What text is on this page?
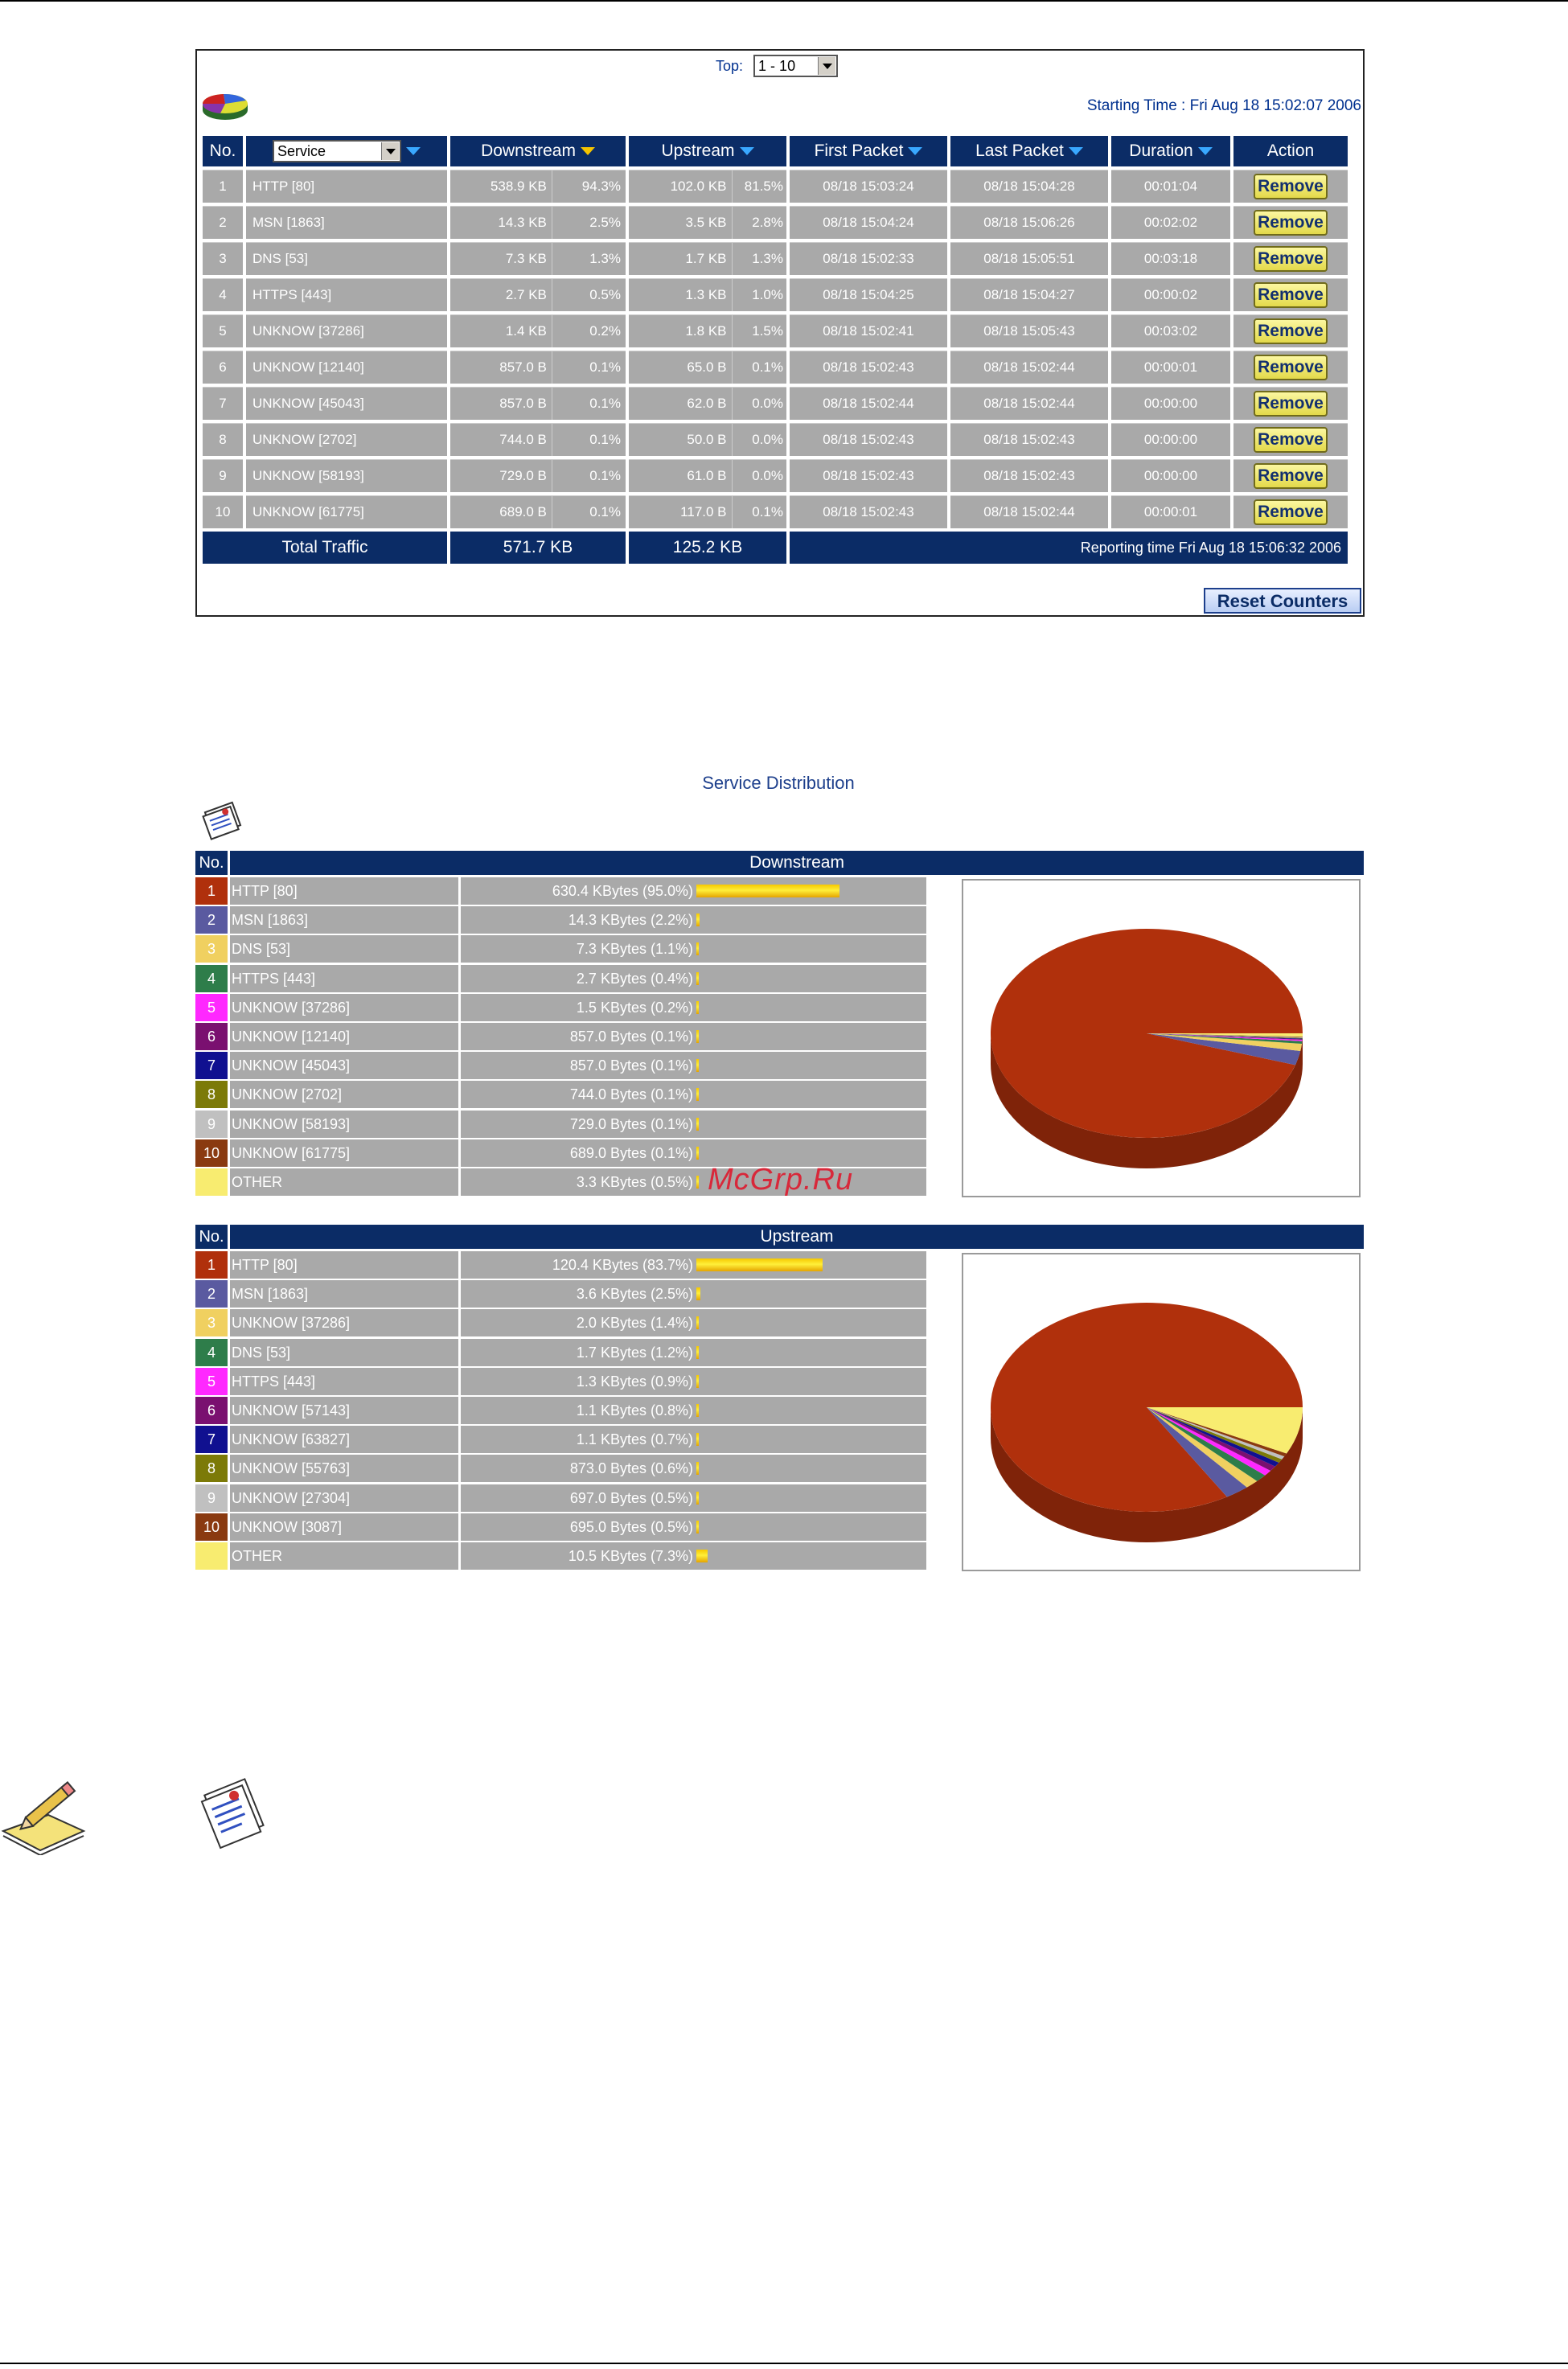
Top: 1 - 10
Starting Time : Fri Aug 18 15:02:07 2006
No.	Service	Downstream	Upstream	First Packet	Last Packet	Duration	Action
1	HTTP [80]	538.9 KB 94.3%	102.0 KB 81.5%	08/18 15:03:24	08/18 15:04:28	00:01:04	Remove
2	MSN [1863]	14.3 KB 2.5%	3.5 KB 2.8%	08/18 15:04:24	08/18 15:06:26	00:02:02	Remove
3	DNS [53]	7.3 KB 1.3%	1.7 KB 1.3%	08/18 15:02:33	08/18 15:05:51	00:03:18	Remove
4	HTTPS [443]	2.7 KB 0.5%	1.3 KB 1.0%	08/18 15:04:25	08/18 15:04:27	00:00:02	Remove
5	UNKNOW [37286]	1.4 KB 0.2%	1.8 KB 1.5%	08/18 15:02:41	08/18 15:05:43	00:03:02	Remove
6	UNKNOW [12140]	857.0 B 0.1%	65.0 B 0.1%	08/18 15:02:43	08/18 15:02:44	00:00:01	Remove
7	UNKNOW [45043]	857.0 B 0.1%	62.0 B 0.0%	08/18 15:02:44	08/18 15:02:44	00:00:00	Remove
8	UNKNOW [2702]	744.0 B 0.1%	50.0 B 0.0%	08/18 15:02:43	08/18 15:02:43	00:00:00	Remove
9	UNKNOW [58193]	729.0 B 0.1%	61.0 B 0.0%	08/18 15:02:43	08/18 15:02:43	00:00:00	Remove
10	UNKNOW [61775]	689.0 B 0.1%	117.0 B 0.1%	08/18 15:02:43	08/18 15:02:44	00:00:01	Remove
Total Traffic		571.7 KB	125.2 KB	Reporting time Fri Aug 18 15:06:32 2006			
Reset Counters
Service Distribution
No.	Downstream
1	HTTP [80]	630.4 KBytes (95.0%)
2	MSN [1863]	14.3 KBytes (2.2%)
3	DNS [53]	7.3 KBytes (1.1%)
4	HTTPS [443]	2.7 KBytes (0.4%)
5	UNKNOW [37286]	1.5 KBytes (0.2%)
6	UNKNOW [12140]	857.0 Bytes (0.1%)
7	UNKNOW [45043]	857.0 Bytes (0.1%)
8	UNKNOW [2702]	744.0 Bytes (0.1%)
9	UNKNOW [58193]	729.0 Bytes (0.1%)
10 UNKNOW [61775]	689.0 Bytes (0.1%)
OTHER	3.3 KBytes (0.5%) McGrp.Ru
No.	Upstream
1	HTTP [80]	120.4 KBytes (83.7%)
2	MSN [1863]	3.6 KBytes (2.5%)
3	UNKNOW [37286]	2.0 KBytes (1.4%)
4	DNS [53]	1.7 KBytes (1.2%)
5	HTTPS [443]	1.3 KBytes (0.9%)
6	UNKNOW [57143]	1.1 KBytes (0.8%)
7	UNKNOW [63827]	1.1 KBytes (0.7%)
8	UNKNOW [55763]	873.0 Bytes (0.6%)
9	UNKNOW [27304]	697.0 Bytes (0.5%)
10 UNKNOW [3087]	695.0 Bytes (0.5%)
OTHER	10.5 KBytes (7.3%)
